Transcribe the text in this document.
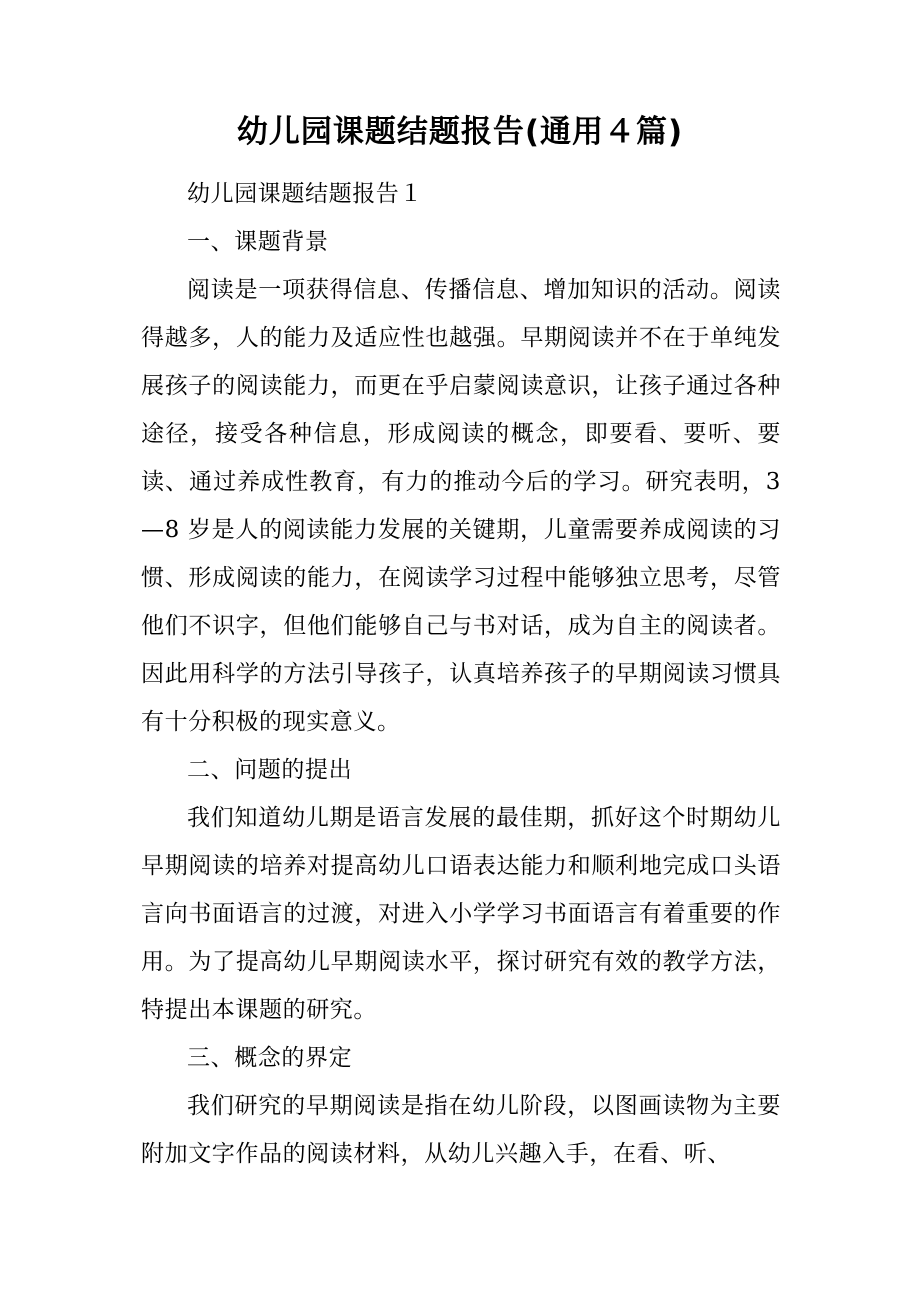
幼儿园课题结题报告(通用４篇)

幼儿园课题结题报告１

一、课题背景

阅读是一项获得信息、传播信息、增加知识的活动。阅读得越多，人的能力及适应性也越强。早期阅读并不在于单纯发展孩子的阅读能力，而更在乎启蒙阅读意识，让孩子通过各种途径，接受各种信息，形成阅读的概念，即要看、要听、要读、通过养成性教育，有力的推动今后的学习。研究表明，3—8 岁是人的阅读能力发展的关键期，儿童需要养成阅读的习惯、形成阅读的能力，在阅读学习过程中能够独立思考，尽管他们不识字，但他们能够自己与书对话，成为自主的阅读者。因此用科学的方法引导孩子，认真培养孩子的早期阅读习惯具有十分积极的现实意义。

二、问题的提出

我们知道幼儿期是语言发展的最佳期，抓好这个时期幼儿早期阅读的培养对提高幼儿口语表达能力和顺利地完成口头语言向书面语言的过渡，对进入小学学习书面语言有着重要的作用。为了提高幼儿早期阅读水平，探讨研究有效的教学方法，特提出本课题的研究。

三、概念的界定

我们研究的早期阅读是指在幼儿阶段，以图画读物为主要附加文字作品的阅读材料，从幼儿兴趣入手，在看、听、
